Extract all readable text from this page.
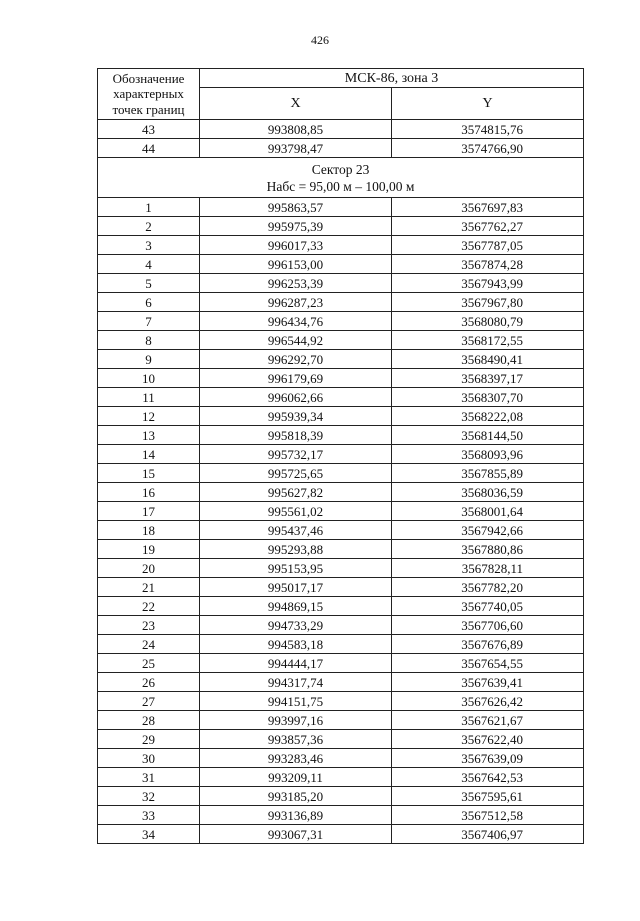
426
Обозначение характерных точек границ	МСК-86, зона 3	
	X	Y
43	993808,85	3574815,76
44	993798,47	3574766,90

Сектор 23
Набс = 95,00 м – 100,00 м		

1	995863,57	3567697,83
2	995975,39	3567762,27
3	996017,33	3567787,05
4	996153,00	3567874,28
5	996253,39	3567943,99
6	996287,23	3567967,80
7	996434,76	3568080,79
8	996544,92	3568172,55
9	996292,70	3568490,41
10	996179,69	3568397,17
11	996062,66	3568307,70
12	995939,34	3568222,08
13	995818,39	3568144,50
14	995732,17	3568093,96
15	995725,65	3567855,89
16	995627,82	3568036,59
17	995561,02	3568001,64
18	995437,46	3567942,66
19	995293,88	3567880,86
20	995153,95	3567828,11
21	995017,17	3567782,20
22	994869,15	3567740,05
23	994733,29	3567706,60
24	994583,18	3567676,89
25	994444,17	3567654,55
26	994317,74	3567639,41
27	994151,75	3567626,42
28	993997,16	3567621,67
29	993857,36	3567622,40
30	993283,46	3567639,09
31	993209,11	3567642,53
32	993185,20	3567595,61
33	993136,89	3567512,58
34	993067,31	3567406,97
